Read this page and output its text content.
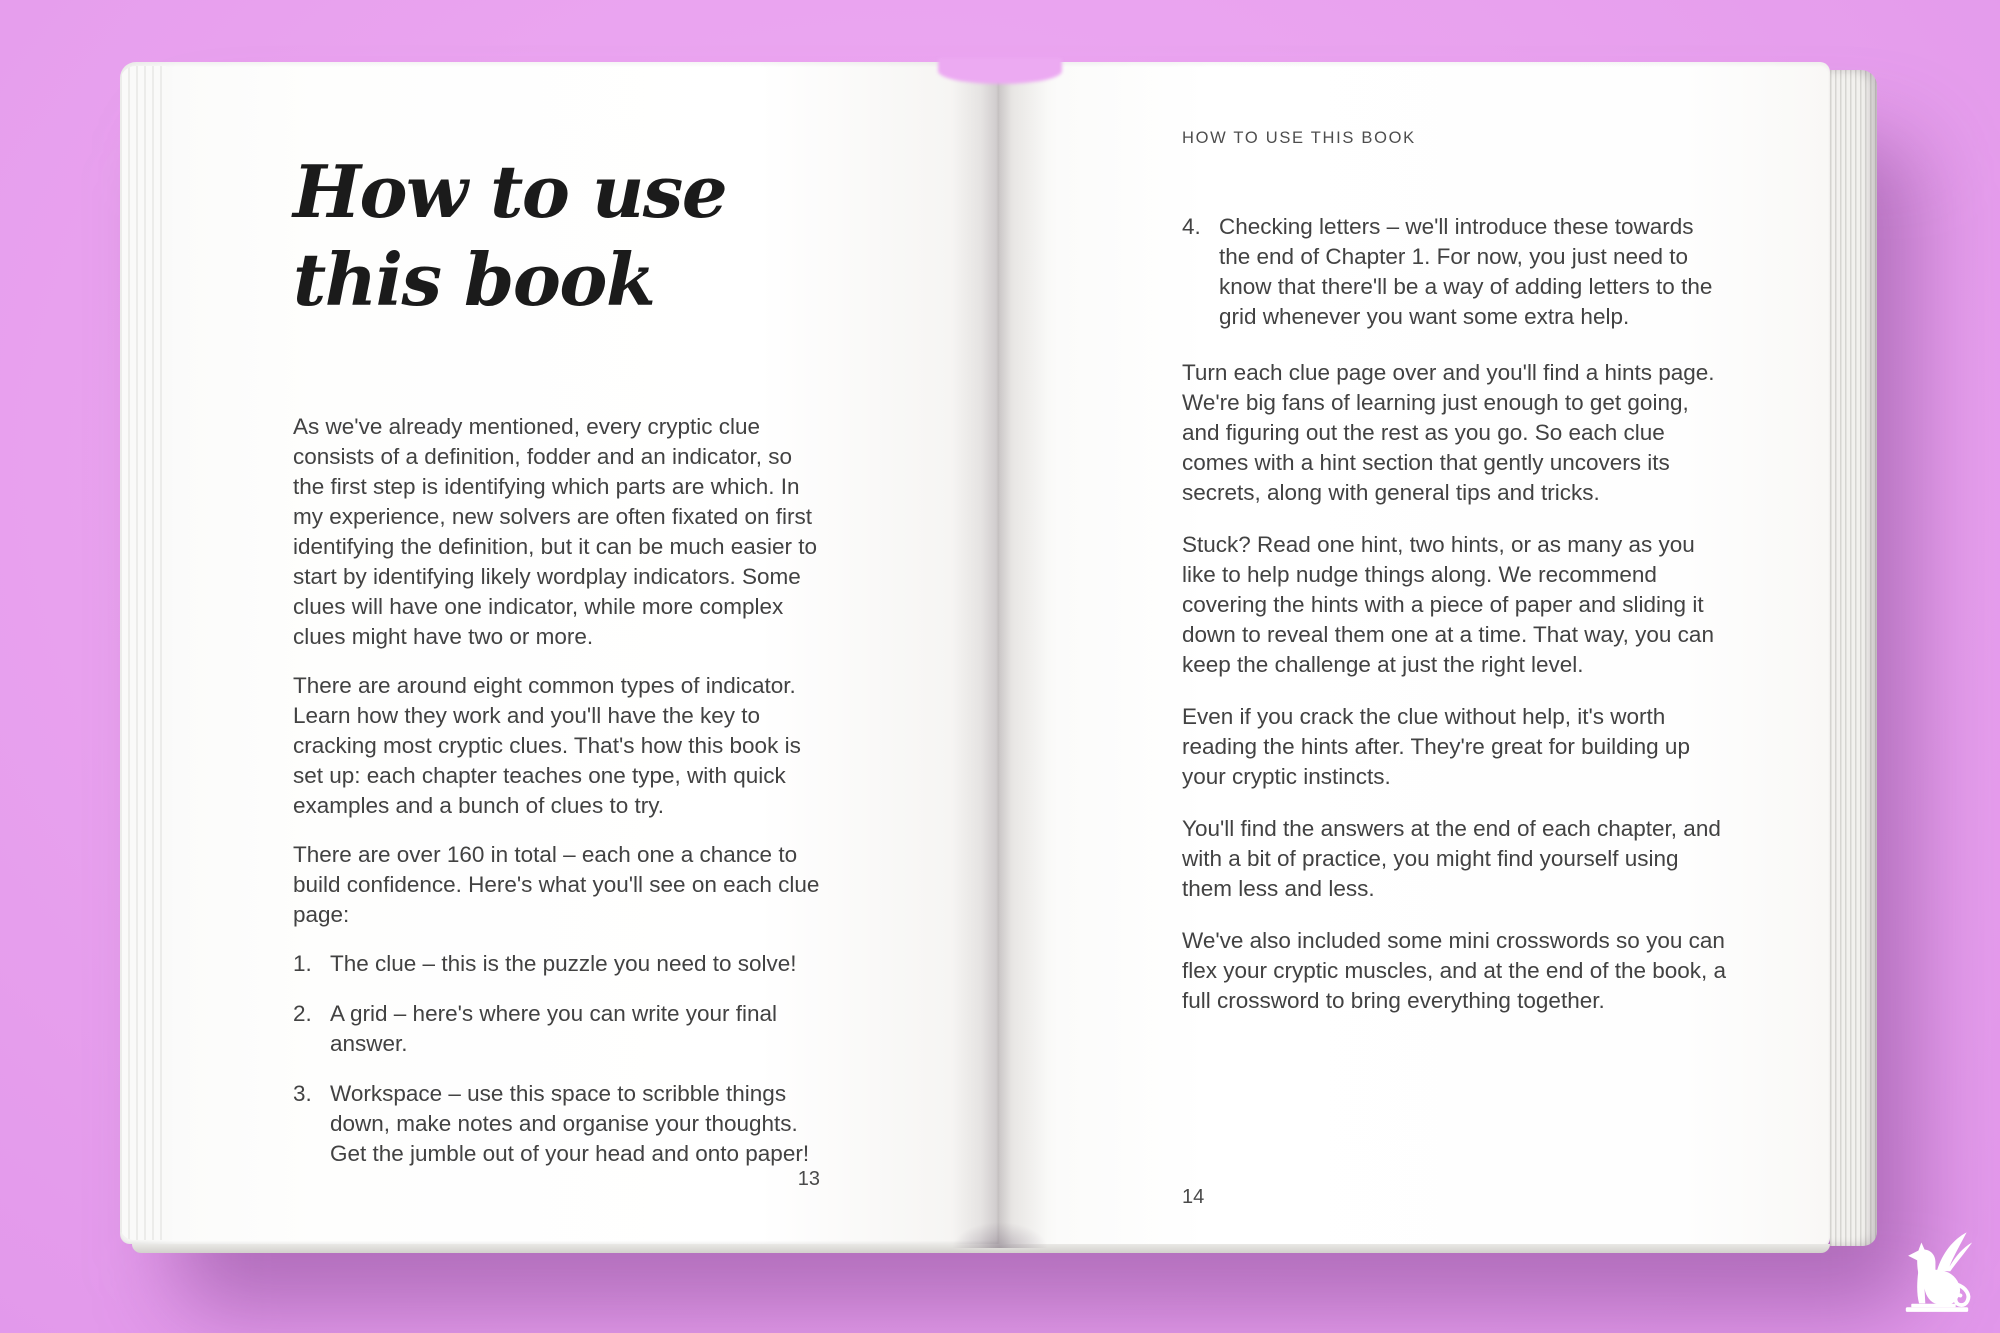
How to use
this book

As we've already mentioned, every cryptic clue consists of a definition, fodder and an indicator, so the first step is identifying which parts are which. In my experience, new solvers are often fixated on first identifying the definition, but it can be much easier to start by identifying likely wordplay indicators. Some clues will have one indicator, while more complex clues might have two or more.

There are around eight common types of indicator. Learn how they work and you'll have the key to cracking most cryptic clues. That's how this book is set up: each chapter teaches one type, with quick examples and a bunch of clues to try.

There are over 160 in total – each one a chance to build confidence. Here's what you'll see on each clue page:

1. The clue – this is the puzzle you need to solve!
2. A grid – here's where you can write your final answer.
3. Workspace – use this space to scribble things down, make notes and organise your thoughts. Get the jumble out of your head and onto paper!
13
HOW TO USE THIS BOOK
4. Checking letters – we'll introduce these towards the end of Chapter 1. For now, you just need to know that there'll be a way of adding letters to the grid whenever you want some extra help.

Turn each clue page over and you'll find a hints page. We're big fans of learning just enough to get going, and figuring out the rest as you go. So each clue comes with a hint section that gently uncovers its secrets, along with general tips and tricks.

Stuck? Read one hint, two hints, or as many as you like to help nudge things along. We recommend covering the hints with a piece of paper and sliding it down to reveal them one at a time. That way, you can keep the challenge at just the right level.

Even if you crack the clue without help, it's worth reading the hints after. They're great for building up your cryptic instincts.

You'll find the answers at the end of each chapter, and with a bit of practice, you might find yourself using them less and less.

We've also included some mini crosswords so you can flex your cryptic muscles, and at the end of the book, a full crossword to bring everything together.

14
